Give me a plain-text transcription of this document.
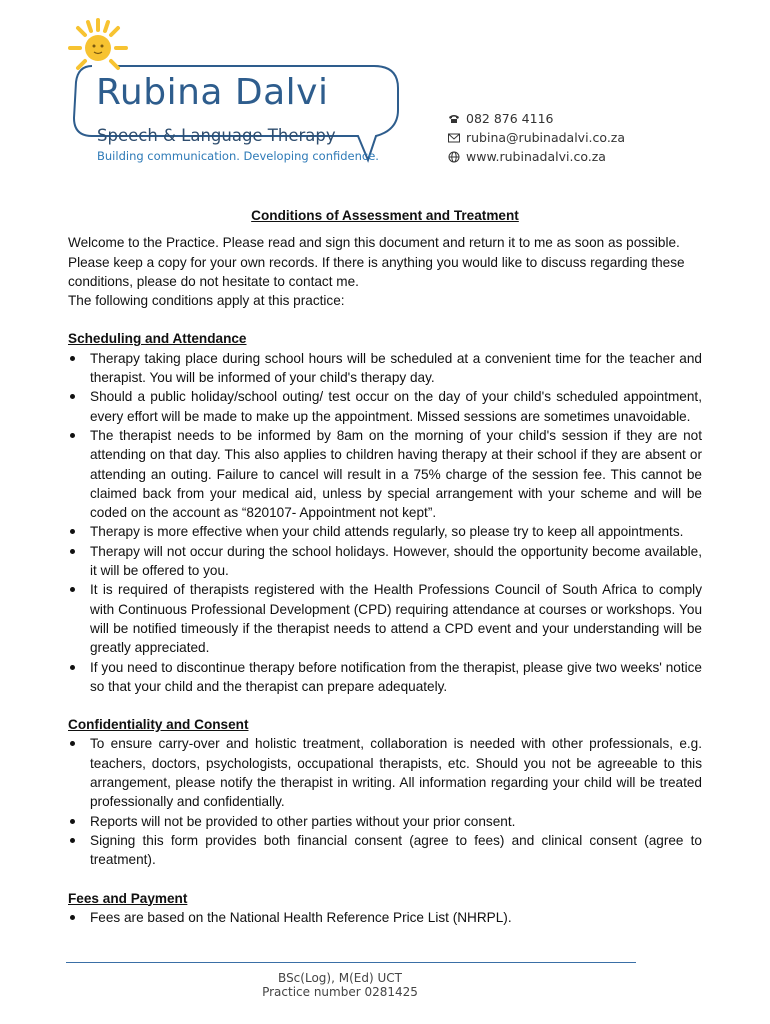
Rubina Dalvi
Speech & Language Therapy
Building communication. Developing confidence.
082 876 4116
rubina@rubinadalvi.co.za
www.rubinadalvi.co.za
Conditions of Assessment and Treatment

Welcome to the Practice. Please read and sign this document and return it to me as soon as possible. Please keep a copy for your own records. If there is anything you would like to discuss regarding these conditions, please do not hesitate to contact me.

The following conditions apply at this practice:

Scheduling and Attendance
Therapy taking place during school hours will be scheduled at a convenient time for the teacher and therapist. You will be informed of your child's therapy day.
Should a public holiday/school outing/ test occur on the day of your child's scheduled appointment, every effort will be made to make up the appointment. Missed sessions are sometimes unavoidable.
The therapist needs to be informed by 8am on the morning of your child's session if they are not attending on that day. This also applies to children having therapy at their school if they are absent or attending an outing. Failure to cancel will result in a 75% charge of the session fee. This cannot be claimed back from your medical aid, unless by special arrangement with your scheme and will be coded on the account as “820107- Appointment not kept”.
Therapy is more effective when your child attends regularly, so please try to keep all appointments.
Therapy will not occur during the school holidays. However, should the opportunity become available, it will be offered to you.
It is required of therapists registered with the Health Professions Council of South Africa to comply with Continuous Professional Development (CPD) requiring attendance at courses or workshops. You will be notified timeously if the therapist needs to attend a CPD event and your understanding will be greatly appreciated.
If you need to discontinue therapy before notification from the therapist, please give two weeks' notice so that your child and the therapist can prepare adequately.
Confidentiality and Consent
To ensure carry-over and holistic treatment, collaboration is needed with other professionals, e.g. teachers, doctors, psychologists, occupational therapists, etc. Should you not be agreeable to this arrangement, please notify the therapist in writing. All information regarding your child will be treated professionally and confidentially.
Reports will not be provided to other parties without your prior consent.
Signing this form provides both financial consent (agree to fees) and clinical consent (agree to treatment).
Fees and Payment
Fees are based on the National Health Reference Price List (NHRPL).
BSc(Log), M(Ed) UCT
Practice number 0281425
